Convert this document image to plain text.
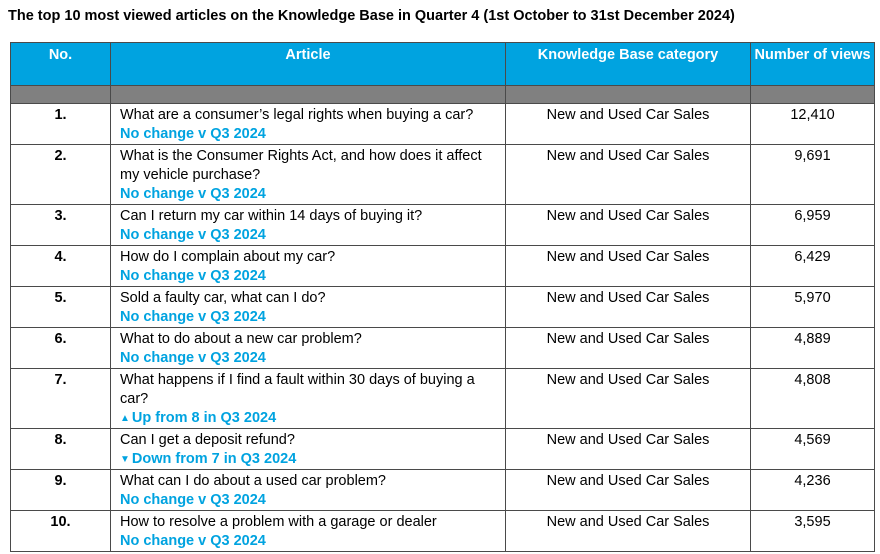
The top 10 most viewed articles on the Knowledge Base in Quarter 4 (1st October to 31st December 2024)
No.	Article	Knowledge Base category	Number of views

1.	What are a consumer’s legal rights when buying a car?
No change v Q3 2024	New and Used Car Sales	12,410
2.	What is the Consumer Rights Act, and how does it affect my vehicle purchase?
No change v Q3 2024	New and Used Car Sales	9,691
3.	Can I return my car within 14 days of buying it?
No change v Q3 2024	New and Used Car Sales	6,959
4.	How do I complain about my car?
No change v Q3 2024	New and Used Car Sales	6,429
5.	Sold a faulty car, what can I do?
No change v Q3 2024	New and Used Car Sales	5,970
6.	What to do about a new car problem?
No change v Q3 2024	New and Used Car Sales	4,889
7.	What happens if I find a fault within 30 days of buying a car?
▲ Up from 8 in Q3 2024	New and Used Car Sales	4,808
8.	Can I get a deposit refund?
▼ Down from 7 in Q3 2024	New and Used Car Sales	4,569
9.	What can I do about a used car problem?
No change v Q3 2024	New and Used Car Sales	4,236
10.	How to resolve a problem with a garage or dealer
No change v Q3 2024	New and Used Car Sales	3,595
